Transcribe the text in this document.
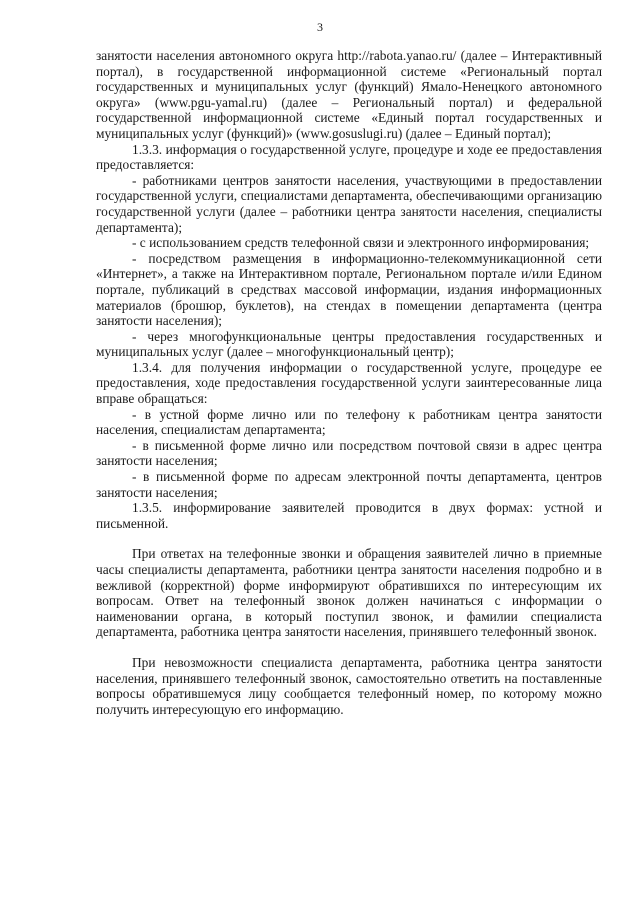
3

занятости населения автономного округа http://rabota.yanao.ru/ (далее – Интерактивный портал), в государственной информационной системе «Региональный портал государственных и муниципальных услуг (функций) Ямало-Ненецкого автономного округа» (www.pgu-yamal.ru) (далее – Региональный портал) и федеральной государственной информационной системе «Единый портал государственных и муниципальных услуг (функций)» (www.gosuslugi.ru) (далее – Единый портал);

1.3.3. информация о государственной услуге, процедуре и ходе ее предоставления предоставляется:

- работниками центров занятости населения, участвующими в предоставлении государственной услуги, специалистами департамента, обеспечивающими организацию государственной услуги (далее – работники центра занятости населения, специалисты департамента);

- с использованием средств телефонной связи и электронного информирования;

- посредством размещения в информационно-телекоммуникационной сети «Интернет», а также на Интерактивном портале, Региональном портале и/или Едином портале, публикаций в средствах массовой информации, издания информационных материалов (брошюр, буклетов), на стендах в помещении департамента (центра занятости населения);

- через многофункциональные центры предоставления государственных и муниципальных услуг (далее – многофункциональный центр);

1.3.4. для получения информации о государственной услуге, процедуре ее предоставления, ходе предоставления государственной услуги заинтересованные лица вправе обращаться:

- в устной форме лично или по телефону к работникам центра занятости населения, специалистам департамента;

- в письменной форме лично или посредством почтовой связи в адрес центра занятости населения;

- в письменной форме по адресам электронной почты департамента, центров занятости населения;

1.3.5. информирование заявителей проводится в двух формах: устной и письменной.

При ответах на телефонные звонки и обращения заявителей лично в приемные часы специалисты департамента, работники центра занятости населения подробно и в вежливой (корректной) форме информируют обратившихся по интересующим их вопросам. Ответ на телефонный звонок должен начинаться с информации о наименовании органа, в который поступил звонок, и фамилии специалиста департамента, работника центра занятости населения, принявшего телефонный звонок.

При невозможности специалиста департамента, работника центра занятости населения, принявшего телефонный звонок, самостоятельно ответить на поставленные вопросы обратившемуся лицу сообщается телефонный номер, по которому можно получить интересующую его информацию.
